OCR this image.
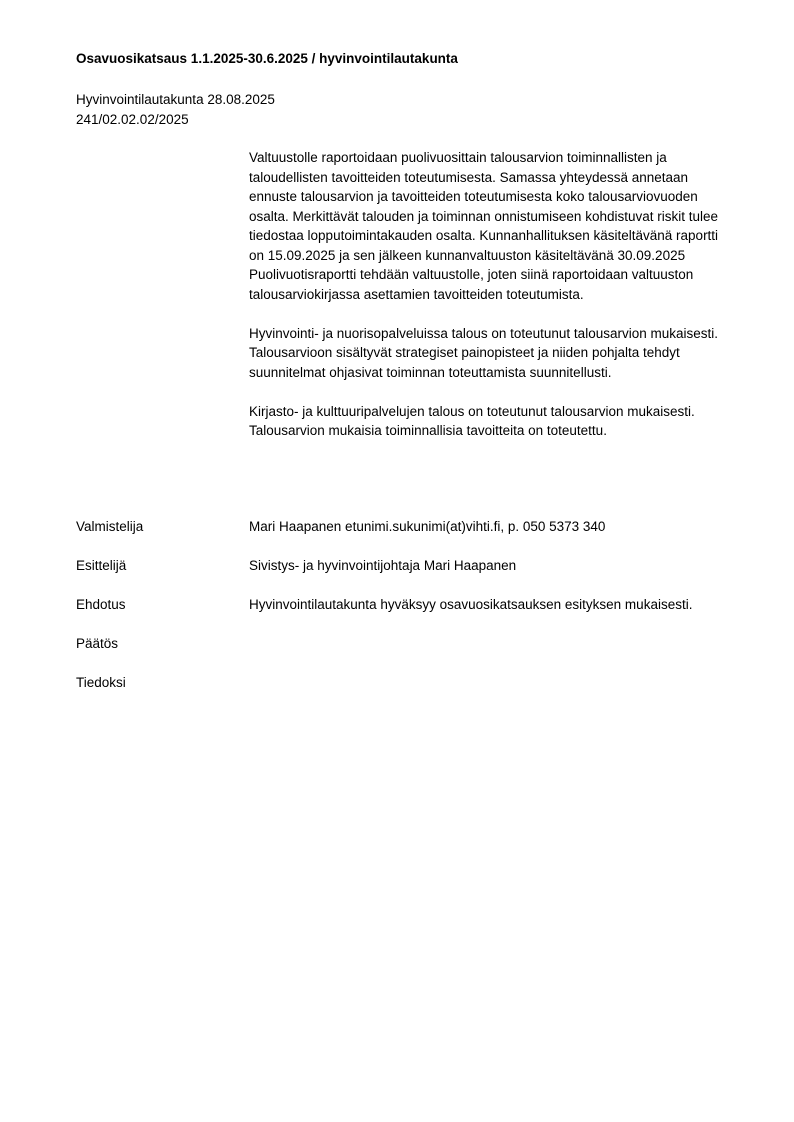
Osavuosikatsaus 1.1.2025-30.6.2025 / hyvinvointilautakunta
Hyvinvointilautakunta 28.08.2025
241/02.02.02/2025

Valtuustolle raportoidaan puolivuosittain talousarvion toiminnallisten ja taloudellisten tavoitteiden toteutumisesta. Samassa yhteydessä annetaan ennuste talousarvion ja tavoitteiden toteutumisesta koko talousarviovuoden osalta. Merkittävät talouden ja toiminnan onnistumiseen kohdistuvat riskit tulee tiedostaa lopputoimintakauden osalta. Kunnanhallituksen käsiteltävänä raportti on 15.09.2025 ja sen jälkeen kunnanvaltuuston käsiteltävänä 30.09.2025 Puolivuotisraportti tehdään valtuustolle, joten siinä raportoidaan valtuuston talousarviokirjassa asettamien tavoitteiden toteutumista.

Hyvinvointi- ja nuorisopalveluissa talous on toteutunut talousarvion mukaisesti. Talousarvioon sisältyvät strategiset painopisteet ja niiden pohjalta tehdyt suunnitelmat ohjasivat toiminnan toteuttamista suunnitellusti.

Kirjasto- ja kulttuuripalvelujen talous on toteutunut talousarvion mukaisesti. Talousarvion mukaisia toiminnallisia tavoitteita on toteutettu.

Valmistelija	Mari Haapanen etunimi.sukunimi(at)vihti.fi, p. 050 5373 340
Esittelijä	Sivistys- ja hyvinvointijohtaja Mari Haapanen
Ehdotus	Hyvinvointilautakunta hyväksyy osavuosikatsauksen esityksen mukaisesti.
Päätös
Tiedoksi
